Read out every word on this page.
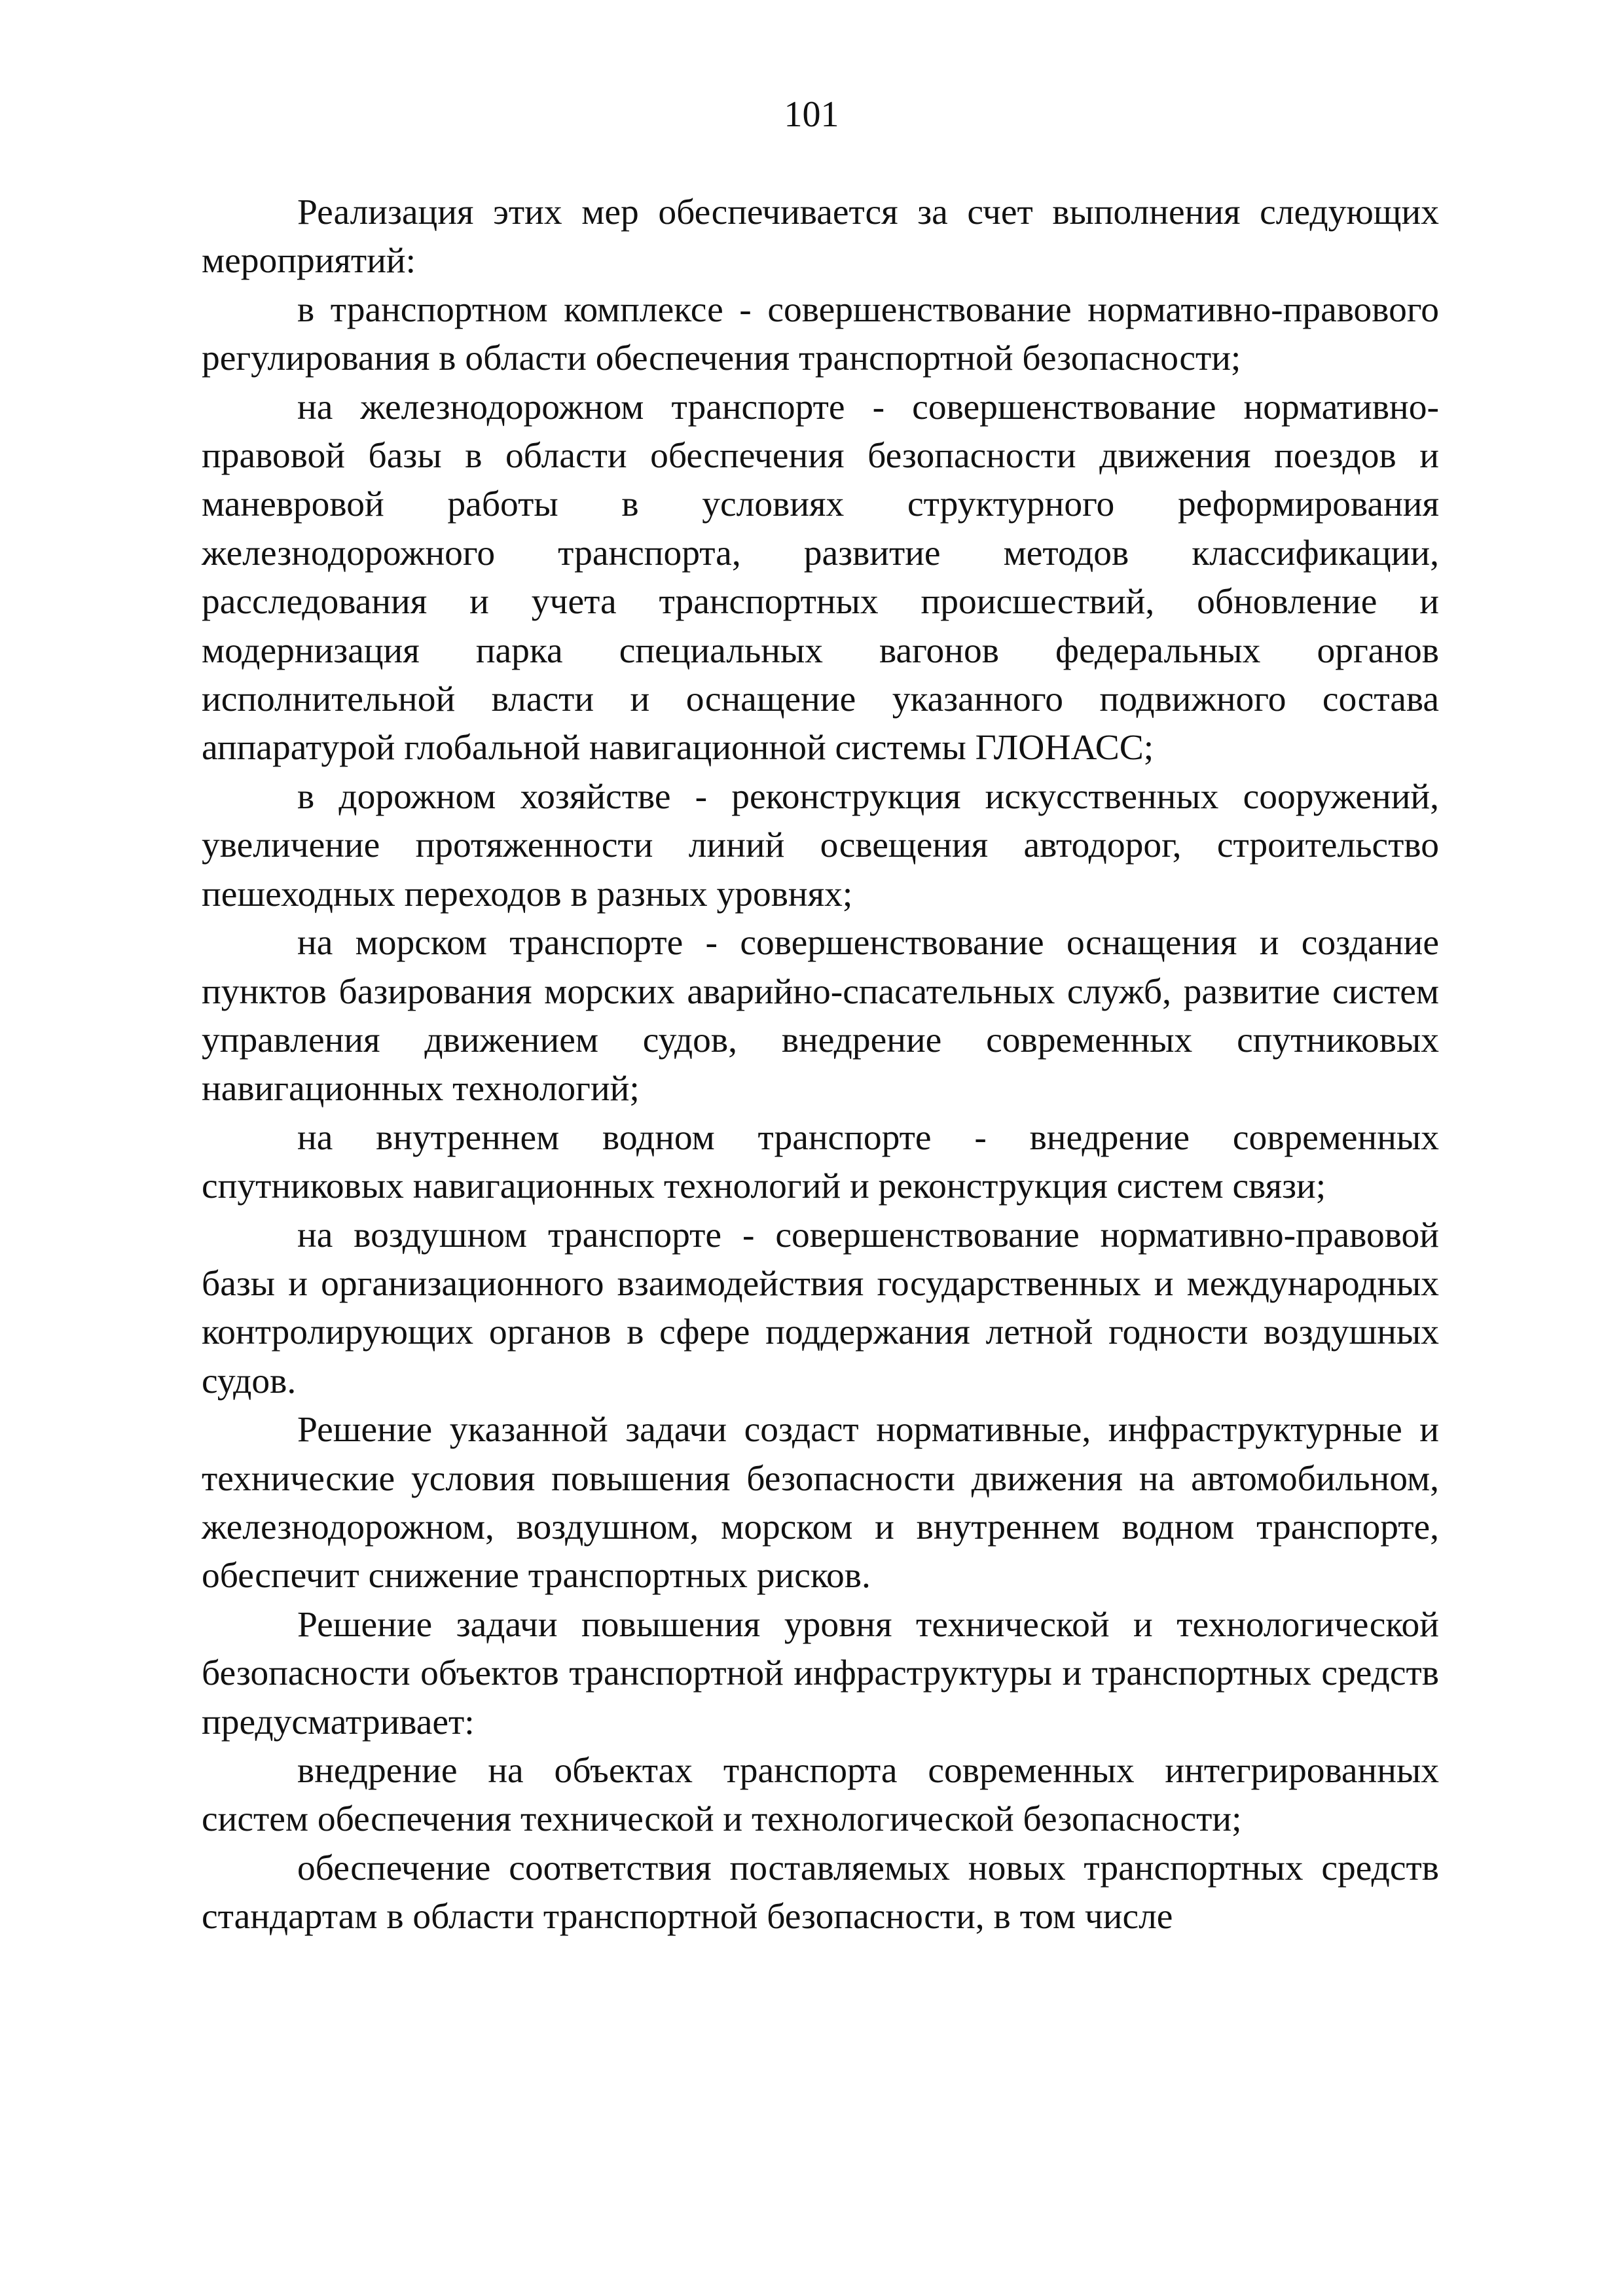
101

Реализация этих мер обеспечивается за счет выполнения следующих мероприятий:

в транспортном комплексе - совершенствование нормативно-правового регулирования в области обеспечения транспортной безопасности;

на железнодорожном транспорте - совершенствование нормативно-правовой базы в области обеспечения безопасности движения поездов и маневровой работы в условиях структурного реформирования железнодорожного транспорта, развитие методов классификации, расследования и учета транспортных происшествий, обновление и модернизация парка специальных вагонов федеральных органов исполнительной власти и оснащение указанного подвижного состава аппаратурой глобальной навигационной системы ГЛОНАСС;

в дорожном хозяйстве - реконструкция искусственных сооружений, увеличение протяженности линий освещения автодорог, строительство пешеходных переходов в разных уровнях;

на морском транспорте - совершенствование оснащения и создание пунктов базирования морских аварийно-спасательных служб, развитие систем управления движением судов, внедрение современных спутниковых навигационных технологий;

на внутреннем водном транспорте - внедрение современных спутниковых навигационных технологий и реконструкция систем связи;

на воздушном транспорте - совершенствование нормативно-правовой базы и организационного взаимодействия государственных и международных контролирующих органов в сфере поддержания летной годности воздушных судов.

Решение указанной задачи создаст нормативные, инфраструктурные и технические условия повышения безопасности движения на автомобильном, железнодорожном, воздушном, морском и внутреннем водном транспорте, обеспечит снижение транспортных рисков.

Решение задачи повышения уровня технической и технологической безопасности объектов транспортной инфраструктуры и транспортных средств предусматривает:

внедрение на объектах транспорта современных интегрированных систем обеспечения технической и технологической безопасности;

обеспечение соответствия поставляемых новых транспортных средств стандартам в области транспортной безопасности, в том числе
